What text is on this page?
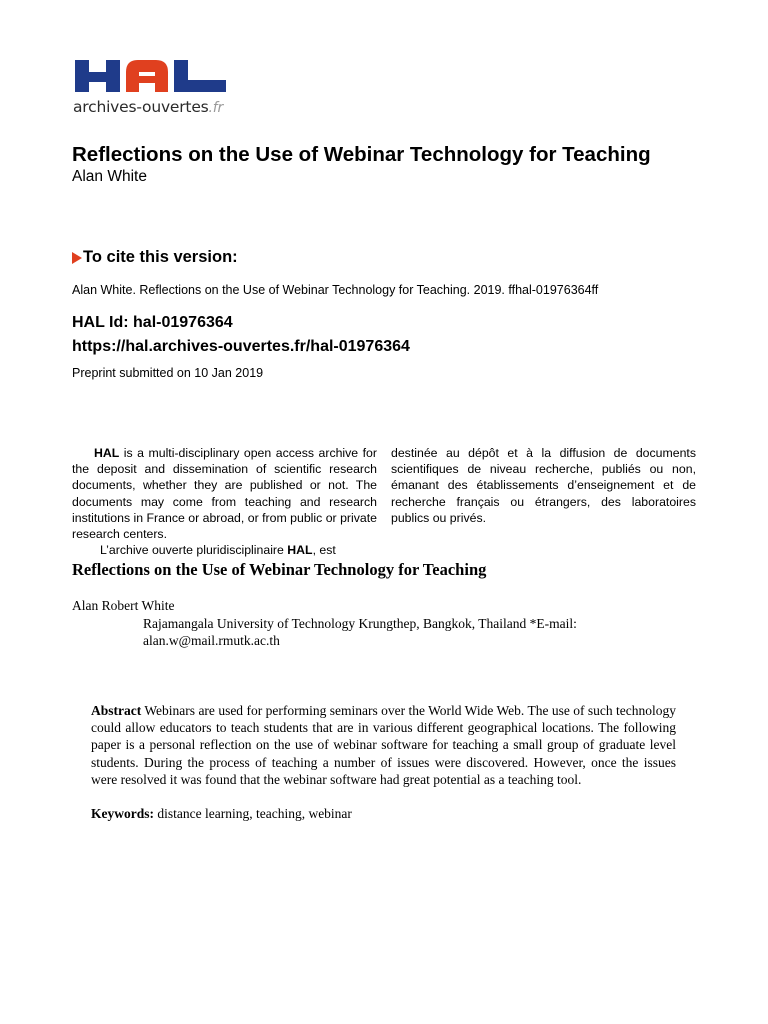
archives-ouvertes.fr
Reflections on the Use of Webinar Technology for Teaching
Alan White
To cite this version:
Alan White. Reflections on the Use of Webinar Technology for Teaching. 2019. ffhal-01976364ff
HAL Id: hal-01976364
https://hal.archives-ouvertes.fr/hal-01976364
Preprint submitted on 10 Jan 2019
HAL is a multi-disciplinary open access archive for the deposit and dissemination of scientific research documents, whether they are published or not. The documents may come from teaching and research institutions in France or abroad, or from public or private research centers.
L’archive ouverte pluridisciplinaire HAL, est
destinée au dépôt et à la diffusion de documents scientifiques de niveau recherche, publiés ou non, émanant des établissements d’enseignement et de recherche français ou étrangers, des laboratoires publics ou privés.
Reflections on the Use of Webinar Technology for Teaching
Alan Robert White
Rajamangala University of Technology Krungthep, Bangkok, Thailand *E-mail:
alan.w@mail.rmutk.ac.th
Abstract Webinars are used for performing seminars over the World Wide Web. The use of such technology could allow educators to teach students that are in various different geographical locations. The following paper is a personal reflection on the use of webinar software for teaching a small group of graduate level students. During the process of teaching a number of issues were discovered. However, once the issues were resolved it was found that the webinar software had great potential as a teaching tool.
Keywords: distance learning, teaching, webinar
